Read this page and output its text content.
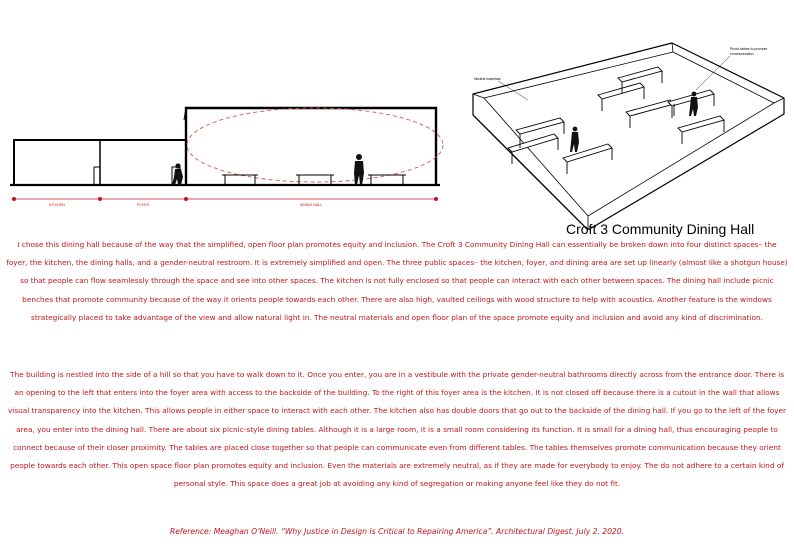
KITCHEN	FOYER	DINING HALL
Neutral materials
Picnic tables to promote
communication
Croft 3 Community Dining Hall

I chose this dining hall because of the way that the simplified, open floor plan promotes equity and inclusion. The Croft 3 Community Dining Hall can essentially be broken down into four distinct spaces– the foyer, the kitchen, the dining halls, and a gender-neutral restroom. It is extremely simplified and open. The three public spaces– the kitchen, foyer, and dining area are set up linearly (almost like a shotgun house) so that people can flow seamlessly through the space and see into other spaces. The kitchen is not fully enclosed so that people can interact with each other between spaces. The dining hall include picnic benches that promote community because of the way it orients people towards each other. There are also high, vaulted ceilings with wood structure to help with acoustics. Another feature is the windows strategically placed to take advantage of the view and allow natural light in. The neutral materials and open floor plan of the space promote equity and inclusion and avoid any kind of discrimination.

The building is nestled into the side of a hill so that you have to walk down to it. Once you enter, you are in a vestibule with the private gender-neutral bathrooms directly across from the entrance door. There is an opening to the left that enters into the foyer area with access to the backside of the building. To the right of this foyer area is the kitchen. It is not closed off because there is a cutout in the wall that allows visual transparency into the kitchen. This allows people in either space to interact with each other. The kitchen also has double doors that go out to the backside of the dining hall. If you go to the left of the foyer area, you enter into the dining hall. There are about six picnic-style dining tables. Although it is a large room, it is a small room considering its function. It is small for a dining hall, thus encouraging people to connect because of their closer proximity. The tables are placed close together so that people can communicate even from different tables. The tables themselves promote communication because they orient people towards each other. This open space floor plan promotes equity and inclusion. Even the materials are extremely neutral, as if they are made for everybody to enjoy. The do not adhere to a certain kind of personal style. This space does a great job at avoiding any kind of segregation or making anyone feel like they do not fit.

Reference: Meaghan O’Neill. “Why Justice in Design Is Critical to Repairing America”. Architectural Digest. July 2. 2020.
